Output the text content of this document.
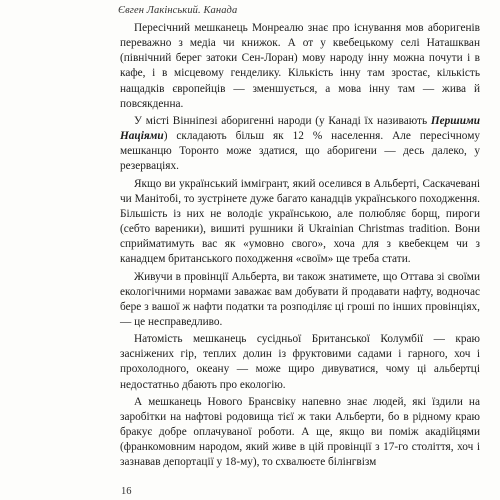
Євген Лакінський. Канада

Пересічний мешканець Монреалю знає про існування мов аборигенів переважно з медіа чи книжок. А от у квебецькому селі Наташкван (північний берег затоки Сен-Лоран) мову народу інну можна почути і в кафе, і в місцевому генделику. Кількість інну там зростає, кількість нащадків європейців — зменшується, а мова інну там — жива й повсякденна.

У місті Вінніпезі аборигенні народи (у Канаді їх називають Першими Націями) складають більш як 12 % населення. Але пересічному мешканцю Торонто може здатися, що аборигени — десь далеко, у резерваціях.

Якщо ви український іммігрант, який оселився в Альберті, Саскачевані чи Манітобі, то зустрінете дуже багато канадців українського походження. Більшість із них не володіє українською, але полюбляє борщ, пироги (себто вареники), вишиті рушники й Ukrainian Christmas tradition. Вони сприйматимуть вас як «умовно свого», хоча для з квебекцем чи з канадцем британського походження «своїм» ще треба стати.

Живучи в провінції Альберта, ви також знатимете, що Оттава зі своїми екологічними нормами заважає вам добувати й продавати нафту, водночас бере з вашої ж нафти податки та розподіляє ці гроші по інших провінціях, — це несправедливо.

Натомість мешканець сусідньої Британської Колумбії — краю засніжених гір, теплих долин із фруктовими садами і гарного, хоч і прохолодного, океану — може щиро дивуватися, чому ці альбертці недостатньо дбають про екологію.

А мешканець Нового Брансвіку напевно знає людей, які їздили на заробітки на нафтові родовища тієї ж таки Альберти, бо в рідному краю бракує добре оплачуваної роботи. А ще, якщо ви поміж акадійцями (франкомовним народом, який живе в цій провінції з 17-го століття, хоч і зазнавав депортації у 18-му), то схвалюєте білінгвізм

16
